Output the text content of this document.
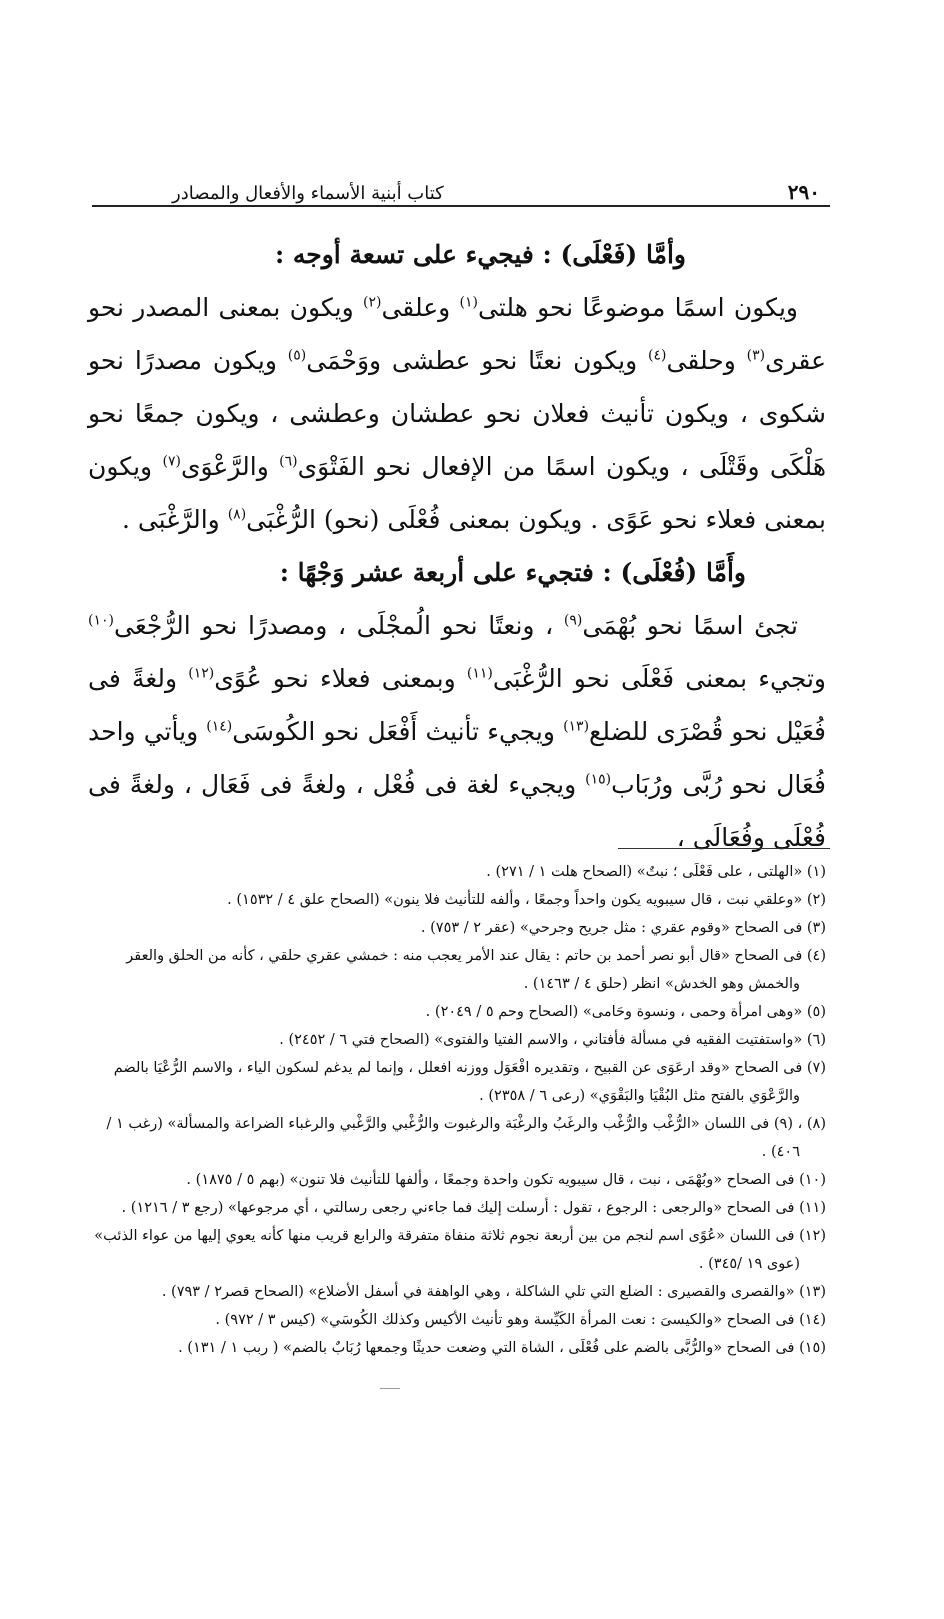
٢٩٠
كتاب أبنية الأسماء والأفعال والمصادر
وأمَّا (فَعْلَى) : فيجيء على تسعة أوجه :
ويكون اسمًا موضوعًا نحو هلتى$^{(١)}$ وعلقى$^{(٢)}$ ويكون بمعنى المصدر نحو عقرى$^{(٣)}$ وحلقى$^{(٤)}$ ويكون نعتًا نحو عطشى ووَحْمَى$^{(٥)}$ ويكون مصدرًا نحو شكوى ، ويكون تأنيث فعلان نحو عطشان وعطشى ، ويكون جمعًا نحو هَلْكَى وقَتْلَى ، ويكون اسمًا من الإفعال نحو الفَتْوَى$^{(٦)}$ والرَّعْوَى$^{(٧)}$ ويكون بمعنى فعلاء نحو عَوًى . ويكون بمعنى فُعْلَى (نحو) الرُّغْبَى$^{(٨)}$ والرَّغْبَى .
وأَمَّا (فُعْلَى) : فتجيء على أربعة عشر وَجْهًا :
تجئ اسمًا نحو بُهْمَى$^{(٩)}$ ، ونعتًا نحو الُمجْلَى ، ومصدرًا نحو الرُّجْعَى$^{(١٠)}$ وتجيء بمعنى فَعْلَى نحو الرُّغْبَى$^{(١١)}$ وبمعنى فعلاء نحو عُوًى$^{(١٢)}$ ولغةً فى فُعَيْل نحو قُصْرَى للضلع$^{(١٣)}$ ويجيء تأنيث أَفْعَل نحو الكُوسَى$^{(١٤)}$ ويأتي واحد فُعَال نحو رُبَّى ورُبَاب$^{(١٥)}$ ويجيء لغة فى فُعْل ، ولغةً فى فَعَال ، ولغةً فى فُعْلَى وفُعَالَى ،
(١) «الهلتى ، على فَعْلَى ؛ نبتٌ» (الصحاح هلت ١ / ٢٧١) .
(٢) «وعلقي نبت ، قال سيبويه يكون واحداً وجمعًا ، وألفه للتأنيث فلا ينون» (الصحاح علق ٤ / ١٥٣٢) .
(٣) فى الصحاح «وقوم عقري : مثل جريح وجرحي» (عقر ٢ / ٧٥٣) .
(٤) فى الصحاح «قال أبو نصر أحمد بن حاتم : يقال عند الأمر يعجب منه : خمشي عقري حلقي ، كأنه من الحلق والعقر والخمش وهو الخدش» انظر (حلق ٤ / ١٤٦٣) .
(٥) «وهى امرأة وحمى ، ونسوة وحَامى» (الصحاح وحم ٥ / ٢٠٤٩) .
(٦) «واستفتيت الفقيه في مسألة فأفتاني ، والاسم الفتيا والفتوى» (الصحاح فتي ٦ / ٢٤٥٢) .
(٧) فى الصحاح «وقد ارعَوَى عن القبيح ، وتقديره افْعَوَل ووزنه افعلل ، وإنما لم يدغم لسكون الياء ، والاسم الرُّعْيَا بالضم والرَّعْوَي بالفتح مثل البُقْيَا والبَقْوَي» (رعى ٦ / ٢٣٥٨) .
(٨) ، (٩) فى اللسان «الرُّغْب والرُّغْب والرغَبُ والرغْبَة والرغبوت والرُّغْبي والرَّغْبي والرغباء الضراعة والمسألة» (رغب ١ / ٤٠٦) .
(١٠) فى الصحاح «وبُهْمَى ، نبت ، قال سيبويه تكون واحدة وجمعًا ، وألفها للتأنيث فلا تنون» (بهم ٥ / ١٨٧٥) .
(١١) فى الصحاح «والرجعى : الرجوع ، تقول : أرسلت إليك فما جاءني رجعى رسالتي ، أي مرجوعها» (رجع ٣ / ١٢١٦) .
(١٢) فى اللسان «عُوًى اسم لنجم من بين أربعة نجوم ثلاثة منفاة متفرقة والرابع قريب منها كأنه يعوي إليها من عواء الذئب» (عوى ١٩ /٣٤٥) .
(١٣) «والقصرى والقصيرى : الضلع التي تلي الشاكلة ، وهي الواهفة في أسفل الأضلاع» (الصحاح قصر٢ / ٧٩٣) .
(١٤) فى الصحاح «والكيسىَ : نعت المرأة الكَيِّسة وهو تأنيث الأكيس وكذلك الكُوسَي» (كيس ٣ / ٩٧٢) .
(١٥) فى الصحاح «والرُّبَّى بالضم على فُعْلَى ، الشاة التي وضعت حديثًا وجمعها رُبَابٌ بالضم» ( ربب ١ / ١٣١) .
